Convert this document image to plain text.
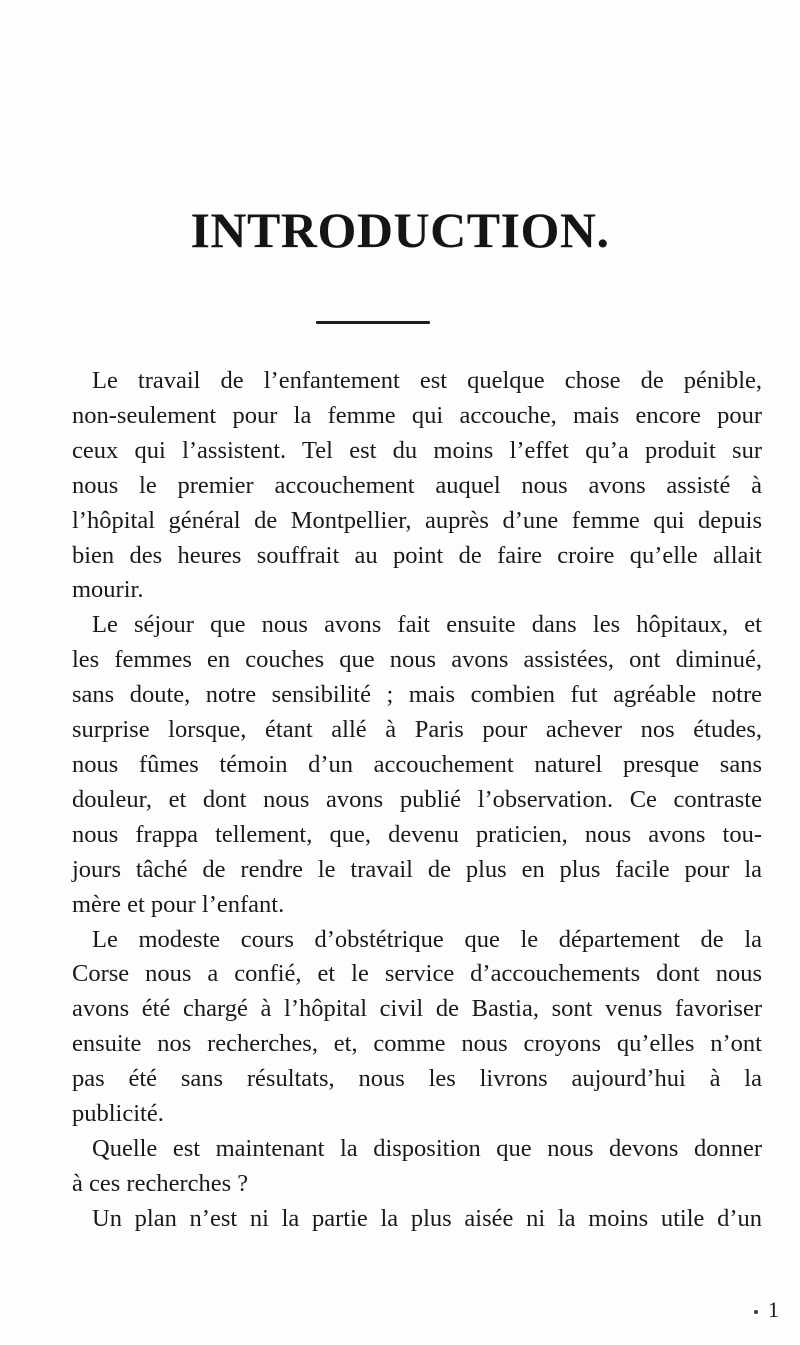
INTRODUCTION.
Le travail de l’enfantement est quelque chose de pénible,
non-seulement pour la femme qui accouche, mais encore pour
ceux qui l’assistent. Tel est du moins l’effet qu’a produit sur
nous le premier accouchement auquel nous avons assisté à
l’hôpital général de Montpellier, auprès d’une femme qui depuis
bien des heures souffrait au point de faire croire qu’elle allait
mourir.
Le séjour que nous avons fait ensuite dans les hôpitaux, et
les femmes en couches que nous avons assistées, ont diminué,
sans doute, notre sensibilité ; mais combien fut agréable notre
surprise lorsque, étant allé à Paris pour achever nos études,
nous fûmes témoin d’un accouchement naturel presque sans
douleur, et dont nous avons publié l’observation. Ce contraste
nous frappa tellement, que, devenu praticien, nous avons tou-
jours tâché de rendre le travail de plus en plus facile pour la
mère et pour l’enfant.
Le modeste cours d’obstétrique que le département de la
Corse nous a confié, et le service d’accouchements dont nous
avons été chargé à l’hôpital civil de Bastia, sont venus favoriser
ensuite nos recherches, et, comme nous croyons qu’elles n’ont
pas été sans résultats, nous les livrons aujourd’hui à la
publicité.
Quelle est maintenant la disposition que nous devons donner
à ces recherches ?
Un plan n’est ni la partie la plus aisée ni la moins utile d’un
1
